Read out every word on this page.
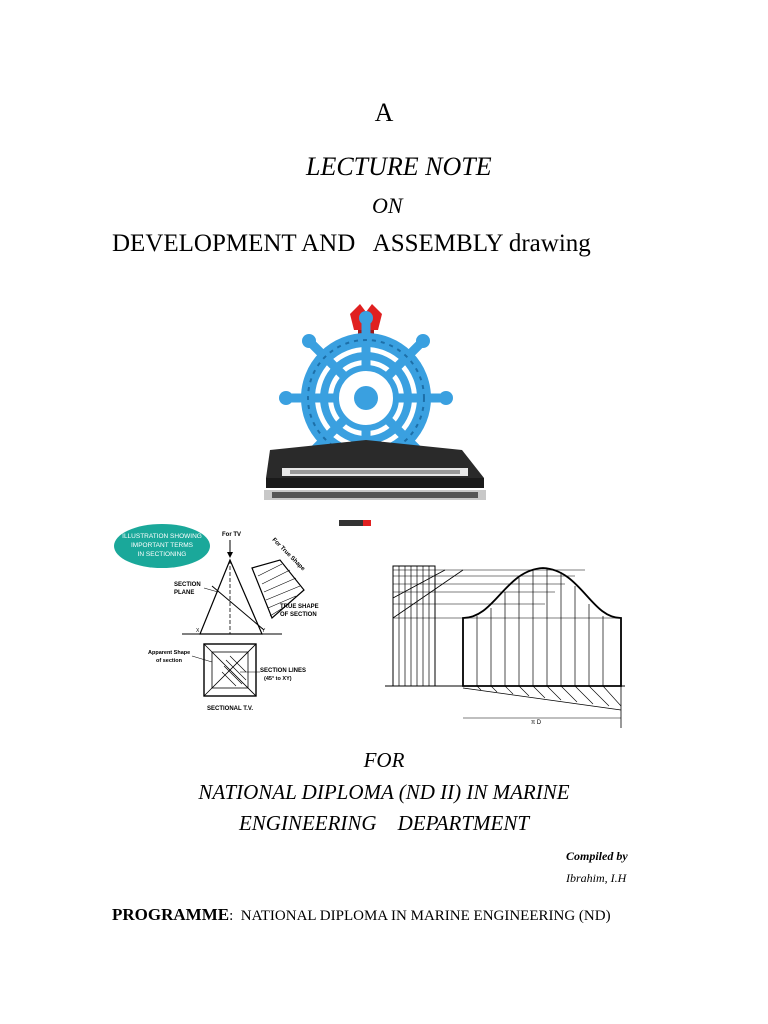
A
LECTURE NOTE
ON
DEVELOPMENT AND   ASSEMBLY drawing
ILLUSTRATION SHOWING
IMPORTANT TERMS
IN SECTIONING
For TV
For True Shape
X	Y
SECTION
PLANE
TRUE SHAPE
OF SECTION
Apparent Shape
of section
SECTION LINES
(45° to XY)
SECTIONAL T.V.
π D
FOR
NATIONAL DIPLOMA (ND II) IN MARINE
ENGINEERING    DEPARTMENT
Compiled by
Ibrahim, I.H
PROGRAMME:  NATIONAL DIPLOMA IN MARINE ENGINEERING (ND)
